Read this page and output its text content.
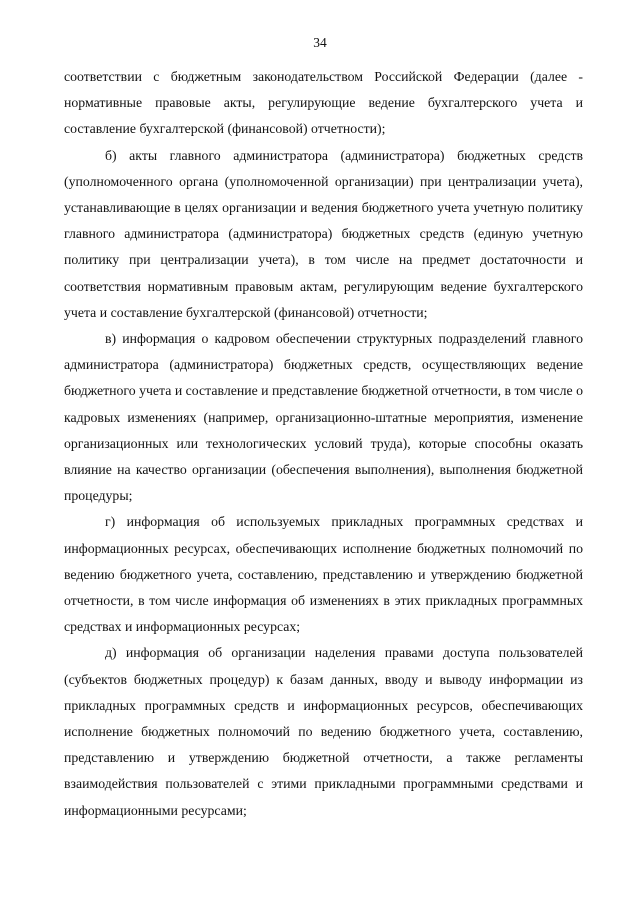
34

соответствии с бюджетным законодательством Российской Федерации (далее - нормативные правовые акты, регулирующие ведение бухгалтерского учета и составление бухгалтерской (финансовой) отчетности);

б) акты главного администратора (администратора) бюджетных средств (уполномоченного органа (уполномоченной организации) при централизации учета), устанавливающие в целях организации и ведения бюджетного учета учетную политику главного администратора (администратора) бюджетных средств (единую учетную политику при централизации учета), в том числе на предмет достаточности и соответствия нормативным правовым актам, регулирующим ведение бухгалтерского учета и составление бухгалтерской (финансовой) отчетности;

в) информация о кадровом обеспечении структурных подразделений главного администратора (администратора) бюджетных средств, осуществляющих ведение бюджетного учета и составление и представление бюджетной отчетности, в том числе о кадровых изменениях (например, организационно-штатные мероприятия, изменение организационных или технологических условий труда), которые способны оказать влияние на качество организации (обеспечения выполнения), выполнения бюджетной процедуры;

г) информация об используемых прикладных программных средствах и информационных ресурсах, обеспечивающих исполнение бюджетных полномочий по ведению бюджетного учета, составлению, представлению и утверждению бюджетной отчетности, в том числе информация об изменениях в этих прикладных программных средствах и информационных ресурсах;

д) информация об организации наделения правами доступа пользователей (субъектов бюджетных процедур) к базам данных, вводу и выводу информации из прикладных программных средств и информационных ресурсов, обеспечивающих исполнение бюджетных полномочий по ведению бюджетного учета, составлению, представлению и утверждению бюджетной отчетности, а также регламенты взаимодействия пользователей с этими прикладными программными средствами и информационными ресурсами;
